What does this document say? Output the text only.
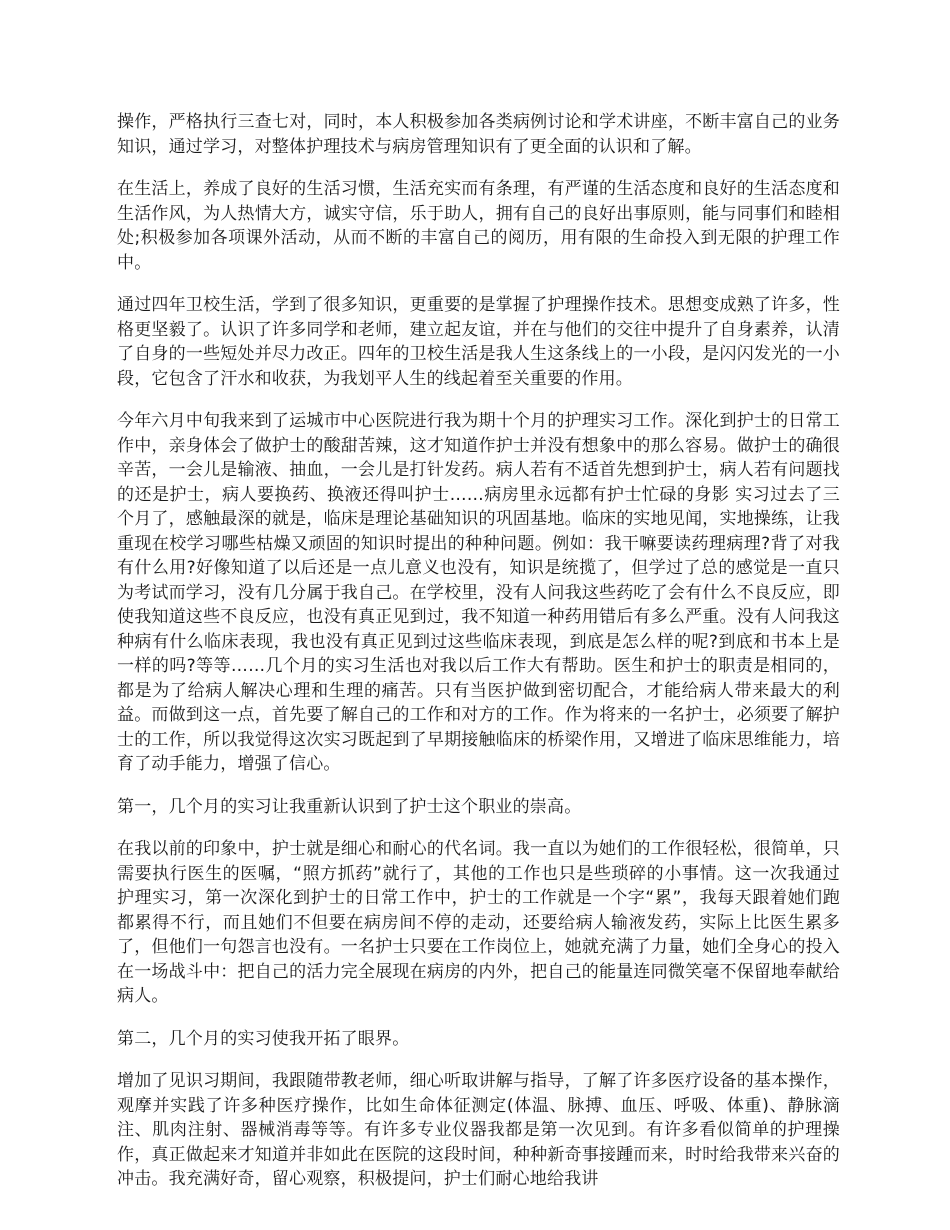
操作，严格执行三查七对，同时，本人积极参加各类病例讨论和学术讲座，不断丰富自己的业务知识，通过学习，对整体护理技术与病房管理知识有了更全面的认识和了解。

在生活上，养成了良好的生活习惯，生活充实而有条理，有严谨的生活态度和良好的生活态度和生活作风，为人热情大方，诚实守信，乐于助人，拥有自己的良好出事原则，能与同事们和睦相处;积极参加各项课外活动，从而不断的丰富自己的阅历，用有限的生命投入到无限的护理工作中。

通过四年卫校生活，学到了很多知识，更重要的是掌握了护理操作技术。思想变成熟了许多，性格更坚毅了。认识了许多同学和老师，建立起友谊，并在与他们的交往中提升了自身素养，认清了自身的一些短处并尽力改正。四年的卫校生活是我人生这条线上的一小段，是闪闪发光的一小段，它包含了汗水和收获，为我划平人生的线起着至关重要的作用。

今年六月中旬我来到了运城市中心医院进行我为期十个月的护理实习工作。深化到护士的日常工作中，亲身体会了做护士的酸甜苦辣，这才知道作护士并没有想象中的那么容易。做护士的确很辛苦，一会儿是输液、抽血，一会儿是打针发药。病人若有不适首先想到护士，病人若有问题找的还是护士，病人要换药、换液还得叫护士……病房里永远都有护士忙碌的身影 实习过去了三个月了，感触最深的就是，临床是理论基础知识的巩固基地。临床的实地见闻，实地操练，让我重现在校学习哪些枯燥又顽固的知识时提出的种种问题。例如：我干嘛要读药理病理?背了对我有什么用?好像知道了以后还是一点儿意义也没有，知识是统揽了，但学过了总的感觉是一直只为考试而学习，没有几分属于我自己。在学校里，没有人问我这些药吃了会有什么不良反应，即使我知道这些不良反应，也没有真正见到过，我不知道一种药用错后有多么严重。没有人问我这种病有什么临床表现，我也没有真正见到过这些临床表现，到底是怎么样的呢?到底和书本上是一样的吗?等等……几个月的实习生活也对我以后工作大有帮助。医生和护士的职责是相同的，都是为了给病人解决心理和生理的痛苦。只有当医护做到密切配合，才能给病人带来最大的利益。而做到这一点，首先要了解自己的工作和对方的工作。作为将来的一名护士，必须要了解护士的工作，所以我觉得这次实习既起到了早期接触临床的桥梁作用，又增进了临床思维能力，培育了动手能力，增强了信心。

第一，几个月的实习让我重新认识到了护士这个职业的崇高。

在我以前的印象中，护士就是细心和耐心的代名词。我一直以为她们的工作很轻松，很简单，只需要执行医生的医嘱，“照方抓药”就行了，其他的工作也只是些琐碎的小事情。这一次我通过护理实习，第一次深化到护士的日常工作中，护士的工作就是一个字“累”，我每天跟着她们跑都累得不行，而且她们不但要在病房间不停的走动，还要给病人输液发药，实际上比医生累多了，但他们一句怨言也没有。一名护士只要在工作岗位上，她就充满了力量，她们全身心的投入在一场战斗中：把自己的活力完全展现在病房的内外，把自己的能量连同微笑毫不保留地奉献给病人。

第二，几个月的实习使我开拓了眼界。

增加了见识习期间，我跟随带教老师，细心听取讲解与指导，了解了许多医疗设备的基本操作，观摩并实践了许多种医疗操作，比如生命体征测定(体温、脉搏、血压、呼吸、体重)、静脉滴注、肌肉注射、器械消毒等等。有许多专业仪器我都是第一次见到。有许多看似简单的护理操作，真正做起来才知道并非如此在医院的这段时间，种种新奇事接踵而来，时时给我带来兴奋的冲击。我充满好奇，留心观察，积极提问，护士们耐心地给我讲
